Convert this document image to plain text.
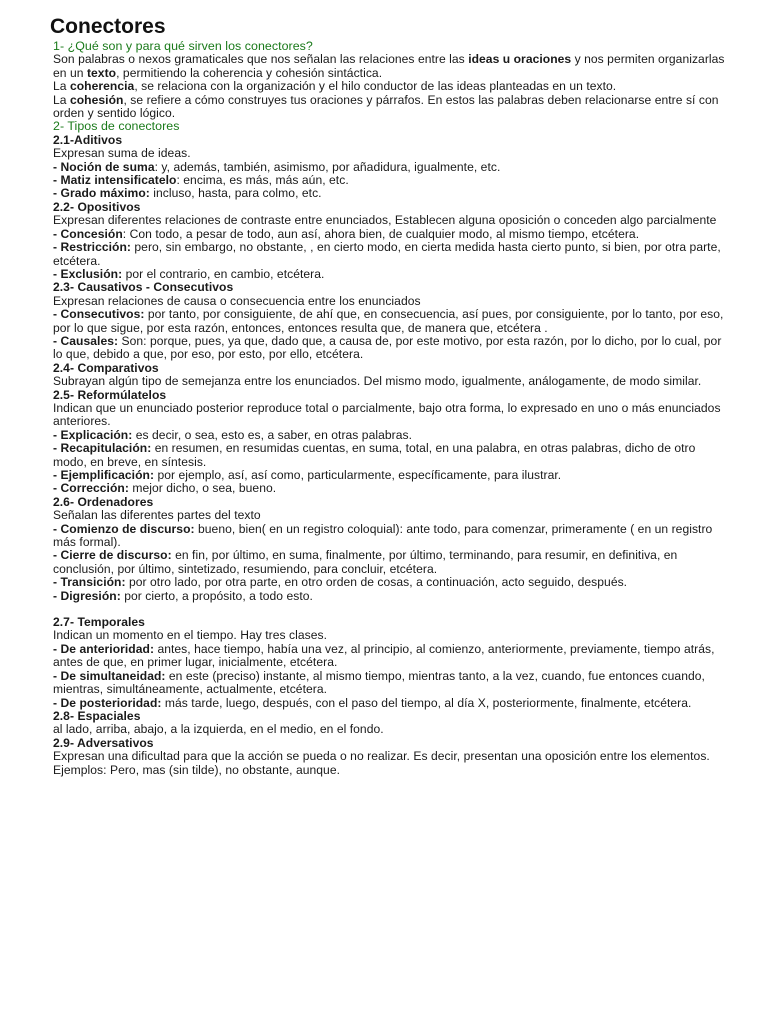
Conectores
1- ¿Qué son y para qué sirven los conectores?
Son palabras o nexos gramaticales que nos señalan las relaciones entre las ideas u oraciones y nos permiten organizarlas en un texto, permitiendo la coherencia y cohesión sintáctica.
La coherencia, se relaciona con la organización y el hilo conductor de las ideas planteadas en un texto.
La cohesión, se refiere a cómo construyes tus oraciones y párrafos. En estos las palabras deben relacionarse entre sí con orden y sentido lógico.
2- Tipos de conectores
2.1-Aditivos
Expresan suma de ideas.
- Noción de suma: y, además, también, asimismo, por añadidura, igualmente, etc.
- Matiz intensificatelo: encima, es más, más aún, etc.
- Grado máximo: incluso, hasta, para colmo, etc.
2.2- Opositivos
Expresan diferentes relaciones de contraste entre enunciados, Establecen alguna oposición o conceden algo parcialmente
- Concesión: Con todo, a pesar de todo, aun así, ahora bien, de cualquier modo, al mismo tiempo, etcétera.
- Restricción: pero, sin embargo, no obstante, , en cierto modo, en cierta medida hasta cierto punto, si bien, por otra parte, etcétera.
- Exclusión: por el contrario, en cambio, etcétera.
2.3- Causativos - Consecutivos
Expresan relaciones de causa o consecuencia entre los enunciados
- Consecutivos: por tanto, por consiguiente, de ahí que, en consecuencia, así pues, por consiguiente, por lo tanto, por eso, por lo que sigue, por esta razón, entonces, entonces resulta que, de manera que, etcétera .
- Causales: Son: porque, pues, ya que, dado que, a causa de, por este motivo, por esta razón, por lo dicho, por lo cual, por lo que, debido a que, por eso, por esto, por ello, etcétera.
2.4- Comparativos
Subrayan algún tipo de semejanza entre los enunciados. Del mismo modo, igualmente, análogamente, de modo similar.
2.5- Reformúlatelos
Indican que un enunciado posterior reproduce total o parcialmente, bajo otra forma, lo expresado en uno o más enunciados anteriores.
- Explicación: es decir, o sea, esto es, a saber, en otras palabras.
- Recapitulación: en resumen, en resumidas cuentas, en suma, total, en una palabra, en otras palabras, dicho de otro modo, en breve, en síntesis.
- Ejemplificación: por ejemplo, así, así como, particularmente, específicamente, para ilustrar.
- Corrección: mejor dicho, o sea, bueno.
2.6- Ordenadores
Señalan las diferentes partes del texto
- Comienzo de discurso: bueno, bien( en un registro coloquial): ante todo, para comenzar, primeramente ( en un registro más formal).
- Cierre de discurso: en fin, por último, en suma, finalmente, por último, terminando, para resumir, en definitiva, en conclusión, por último, sintetizado, resumiendo, para concluir, etcétera.
- Transición: por otro lado, por otra parte, en otro orden de cosas, a continuación, acto seguido, después.
- Digresión: por cierto, a propósito, a todo esto.
2.7- Temporales
Indican un momento en el tiempo. Hay tres clases.
- De anterioridad: antes, hace tiempo, había una vez, al principio, al comienzo, anteriormente, previamente, tiempo atrás, antes de que, en primer lugar, inicialmente, etcétera.
- De simultaneidad: en este (preciso) instante, al mismo tiempo, mientras tanto, a la vez, cuando, fue entonces cuando, mientras, simultáneamente, actualmente, etcétera.
- De posterioridad: más tarde, luego, después, con el paso del tiempo, al día X, posteriormente, finalmente, etcétera.
2.8- Espaciales
al lado, arriba, abajo, a la izquierda, en el medio, en el fondo.
2.9- Adversativos
Expresan una dificultad para que la acción se pueda o no realizar. Es decir, presentan una oposición entre los elementos. Ejemplos: Pero, mas (sin tilde), no obstante, aunque.
